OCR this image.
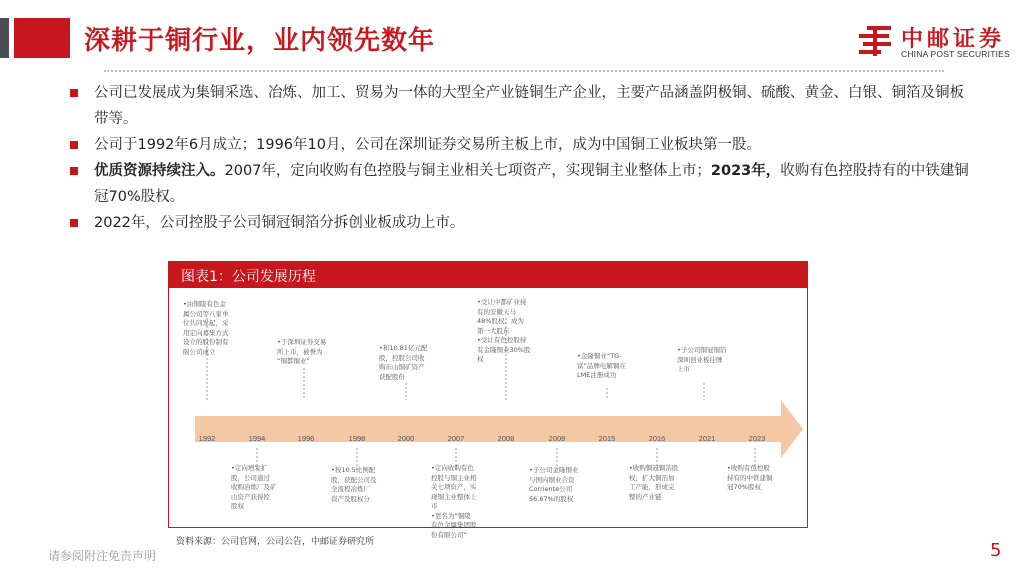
深耕于铜行业，业内领先数年	中邮证券
CHINA POST SECURITIES
公司已发展成为集铜采选、冶炼、加工、贸易为一体的大型全产业链铜生产企业，主要产品涵盖阴极铜、硫酸、黄金、白银、铜箔及铜板带等。
公司于1992年6月成立；1996年10月，公司在深圳证券交易所主板上市，成为中国铜工业板块第一股。
优质资源持续注入。2007年，定向收购有色控股与铜主业相关七项资产，实现铜主业整体上市；2023年，收购有色控股持有的中铁建铜冠70%股权。
2022年，公司控股子公司铜冠铜箔分拆创业板成功上市。
图表1：公司发展历程
1992	1994	1996	1998	2000	2007	2008	2009	2015	2016	2021	2023
•由铜陵有色金
属公司等八家单
位共同发起，采
用定向募集方式
设立的股份制有
限公司成立
•于深圳证券交易
所上市，被誉为
“铜都铜业”
•和10.81亿元配
股，控股公司收
购东山铜矿资产
获配股份
•受让中都矿业持
有的安徽天马
48%股权，成为
第一大股东
•受让有色控股持
有金隆铜业30%股
权	•金隆铜业“TG-
富”品牌电解铜在
LME注册成功
•子公司铜冠铜箔
深圳创业板挂牌
上市
•定向增发扩
股，公司通过
收购冶炼厂及矿
山资产获得控
股权
•按10.5比例配
股，获配公司及
全流程冶炼厂
资产及股权分
•定向收购有色
控股与铜主业相
关七项资产，实
现铜主业整体上
市
•更名为“铜陵
有色金属集团股
份有限公司”
•子公司金隆铜业
与国内铜业合资
Corriente公司
56.67%的股权
•收购铜冠铜箔股
权，扩大铜箔加
工产能，形成完
整的产业链
•收购有色控股
持有的中铁建铜
冠70%股权
资料来源：公司官网，公司公告，中邮证券研究所
请参阅附注免责声明	5
